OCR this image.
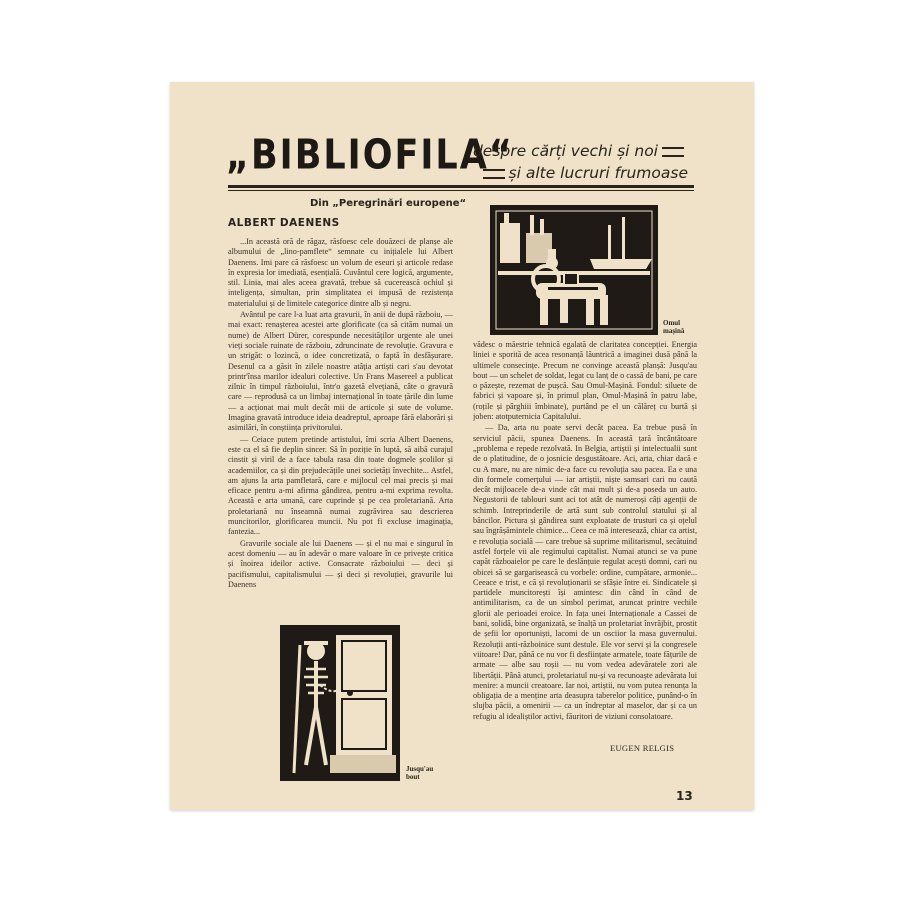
„BIBLIOFILA“
despre cărți vechi și noi
și alte lucruri frumoase
Din „Peregrinări europene“
ALBERT DAENENS

...In această oră de răgaz, răsfoesc cele douăzeci de planșe ale albumului de „lino-pamflete“ semnate cu inițialele lui Albert Daenens. Imi pare că răsfoesc un volum de eseuri și articole redase în expresia lor imediată, esențială. Cuvântul cere logică, argumente, stil. Linia, mai ales aceea gravată, trebue să cucerească ochiul și inteligența, simultan, prin simplitatea ei impusă de rezistența materialului și de limitele categorice dintre alb și negru.

Avântul pe care l-a luat arta gravurii, în anii de după războiu, — mai exact: renașterea acestei arte glorificate (ca să cităm numai un nume) de Albert Dürer, corespunde necesităților urgente ale unei vieți sociale ruinate de războiu, zdruncinate de revoluție. Gravura e un strigăt: o lozincă, o idee concretizată, o faptă în desfășurare. Desenul ca a găsit în zilele noastre atâția artiști cari s'au devotat printr'însa marilor idealuri colective. Un Frans Masereel a publicat zilnic în timpul războiului, într'o gazetă elvețiană, câte o gravură care — reprodusă ca un limbaj internațional în toate țările din lume — a acționat mai mult decât mii de articole și sute de volume. Imagina gravată introduce ideia deadreptul, aproape fără elaborări și asimilări, în conștiința privitorului.

— Ceiace putem pretinde artistului, îmi scria Albert Daenens, este ca el să fie deplin sincer. Să în poziție în luptă, să aibă curajul cinstit și viril de a face tabula rasa din toate dogmele școlilor și academiilor, ca și din prejudecățile unei societăți învechite... Astfel, am ajuns la arta pamfletară, care e mijlocul cel mai precis și mai eficace pentru a-mi afirma gândirea, pentru a-mi exprima revolta. Această e arta umană, care cuprinde și pe cea proletariană. Arta proletariană nu înseamnă numai zugrăvirea sau descrierea muncitorilor, glorificarea muncii. Nu pot fi excluse imaginația, fantezia...

Gravurile sociale ale lui Daenens — și el nu mai e singurul în acest domeniu — au în adevăr o mare valoare în ce privește critica și înoirea ideilor active. Consacrate războiului — deci și pacifismului, capitalismului — și deci și revoluției, gravurile lui Daenens

Omul mașină
Jusqu'au bout

vădesc o măestrie tehnică egalată de claritatea concepției. Energia liniei e sporită de acea resonanță lăuntrică a imaginei dusă până la ultimele consecințe. Precum ne convinge această planșă: Jusqu'au bout — un schelet de soldat, legat cu lanț de o cassă de bani, pe care o păzește, rezemat de pușcă. Sau Omul-Mașină. Fondul: siluete de fabrici și vapoare și, în primul plan, Omul-Mașină în patru labe, (roțile și pârghiii îmbinate), purtând pe el un călăreț cu burtă și joben: atotputernicia Capitalului.

— Da, arta nu poate servi decât pacea. Ea trebue pusă în serviciul păcii, spunea Daenens. In această țară încântătoare „problema e repede rezolvată. In Belgia, artiștii și intelectualii sunt de o platitudine, de o josnicie desgustătoare. Aci, arta, chiar dacă e cu A mare, nu are nimic de-a face cu revoluția sau pacea. Ea e una din formele comerțului — iar artiștii, niște samsari cari nu caută decât mijloacele de-a vinde cât mai mult și de-a poseda un auto. Negustorii de tablouri sunt aci tot atât de numeroși câți agenții de schimb. Intreprinderile de artă sunt sub controlul statului și al băncilor. Pictura și gândirea sunt exploatate de trusturi ca și oțelul sau îngrășămintele chimice... Ceea ce mă interesează, chiar ca artist, e revoluția socială — care trebue să suprime militarismul, secătuind astfel forțele vii ale regimului capitalist. Numai atunci se va pune capăt războaielor pe care le deslănțuie regulat acești domni, cari nu obicei să se gargarisească cu vorbele: ordine, cumpătare, armonie... Ceeace e trist, e că și revoluționarii se sfâșie între ei. Sindicatele și partidele muncitorești își amintesc din când în când de antimilitarism, ca de un simbol perimat, aruncat printre vechile glorii ale perioadei eroice. In fața unei Internaționale a Cassei de bani, solidă, bine organizată, se înalță un proletariat învrăjbit, prostit de șefii lor oportuniști, lacomi de un osciior la masa guvernului. Rezoluții anti-războinice sunt destule. Ele vor servi și la congresele viitoare! Dar, până ce nu vor fi desființate armatele, toate fățurile de armate — albe sau roșii — nu vom vedea adevăratele zori ale libertății. Până atunci, proletariatul nu-și va recunoaște adevărata lui menire: a muncii creatoare. Iar noi, artiștii, nu vom putea renunța la obligația de a menține arta deasupra taberelor politice, punând-o în slujba păcii, a omenirii — ca un îndreptar al maselor, dar și ca un refugiu al idealiștilor activi, făuritori de viziuni consolatoare.

EUGEN RELGIS
13
